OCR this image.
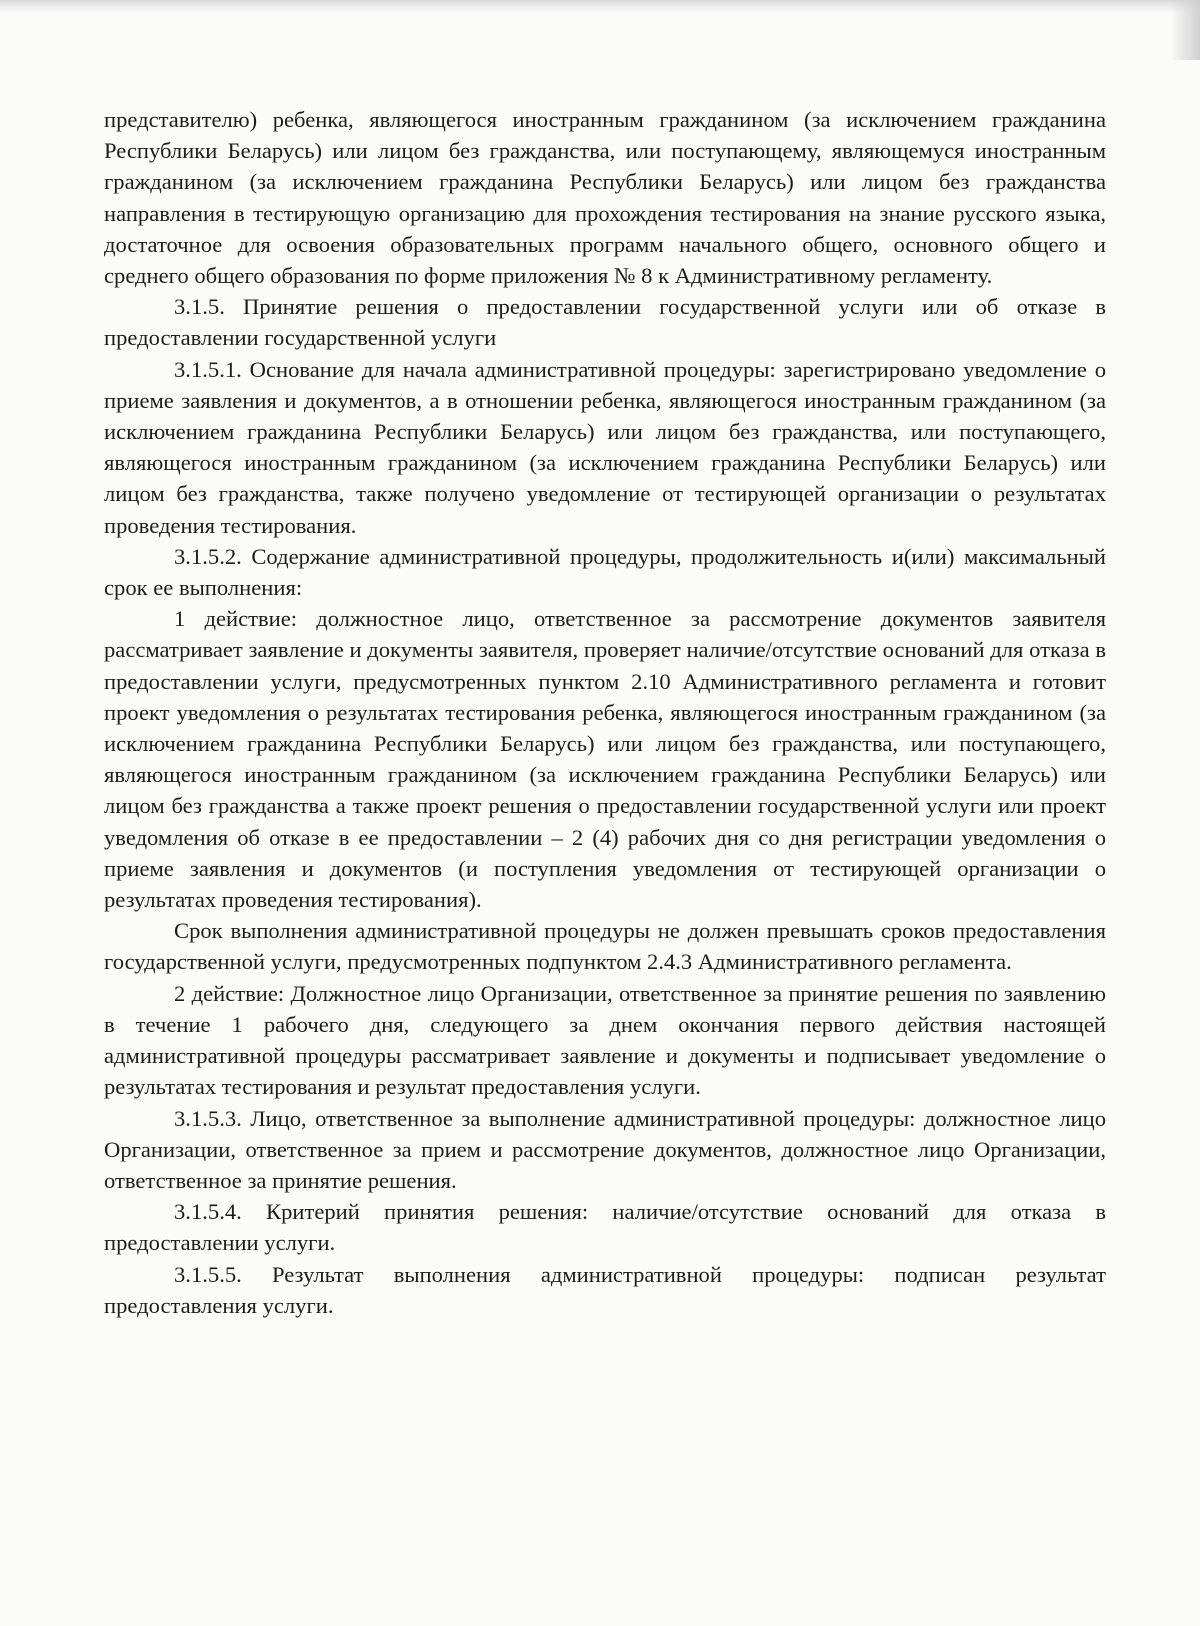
представителю) ребенка, являющегося иностранным гражданином (за исключением гражданина Республики Беларусь) или лицом без гражданства, или поступающему, являющемуся иностранным гражданином (за исключением гражданина Республики Беларусь) или лицом без гражданства направления в тестирующую организацию для прохождения тестирования на знание русского языка, достаточное для освоения образовательных программ начального общего, основного общего и среднего общего образования по форме приложения № 8 к Административному регламенту.

3.1.5. Принятие решения о предоставлении государственной услуги или об отказе в предоставлении государственной услуги

3.1.5.1. Основание для начала административной процедуры: зарегистрировано уведомление о приеме заявления и документов, а в отношении ребенка, являющегося иностранным гражданином (за исключением гражданина Республики Беларусь) или лицом без гражданства, или поступающего, являющегося иностранным гражданином (за исключением гражданина Республики Беларусь) или лицом без гражданства, также получено уведомление от тестирующей организации о результатах проведения тестирования.

3.1.5.2. Содержание административной процедуры, продолжительность и(или) максимальный срок ее выполнения:

1 действие: должностное лицо, ответственное за рассмотрение документов заявителя рассматривает заявление и документы заявителя, проверяет наличие/отсутствие оснований для отказа в предоставлении услуги, предусмотренных пунктом 2.10 Административного регламента и готовит проект уведомления о результатах тестирования ребенка, являющегося иностранным гражданином (за исключением гражданина Республики Беларусь) или лицом без гражданства, или поступающего, являющегося иностранным гражданином (за исключением гражданина Республики Беларусь) или лицом без гражданства а также проект решения о предоставлении государственной услуги или проект уведомления об отказе в ее предоставлении – 2 (4) рабочих дня со дня регистрации уведомления о приеме заявления и документов (и поступления уведомления от тестирующей организации о результатах проведения тестирования).

Срок выполнения административной процедуры не должен превышать сроков предоставления государственной услуги, предусмотренных подпунктом 2.4.3 Административного регламента.

2 действие: Должностное лицо Организации, ответственное за принятие решения по заявлению в течение 1 рабочего дня, следующего за днем окончания первого действия настоящей административной процедуры рассматривает заявление и документы и подписывает уведомление о результатах тестирования и результат предоставления услуги.

3.1.5.3. Лицо, ответственное за выполнение административной процедуры: должностное лицо Организации, ответственное за прием и рассмотрение документов, должностное лицо Организации, ответственное за принятие решения.

3.1.5.4. Критерий принятия решения: наличие/отсутствие оснований для отказа в предоставлении услуги.

3.1.5.5. Результат выполнения административной процедуры: подписан результат предоставления услуги.
